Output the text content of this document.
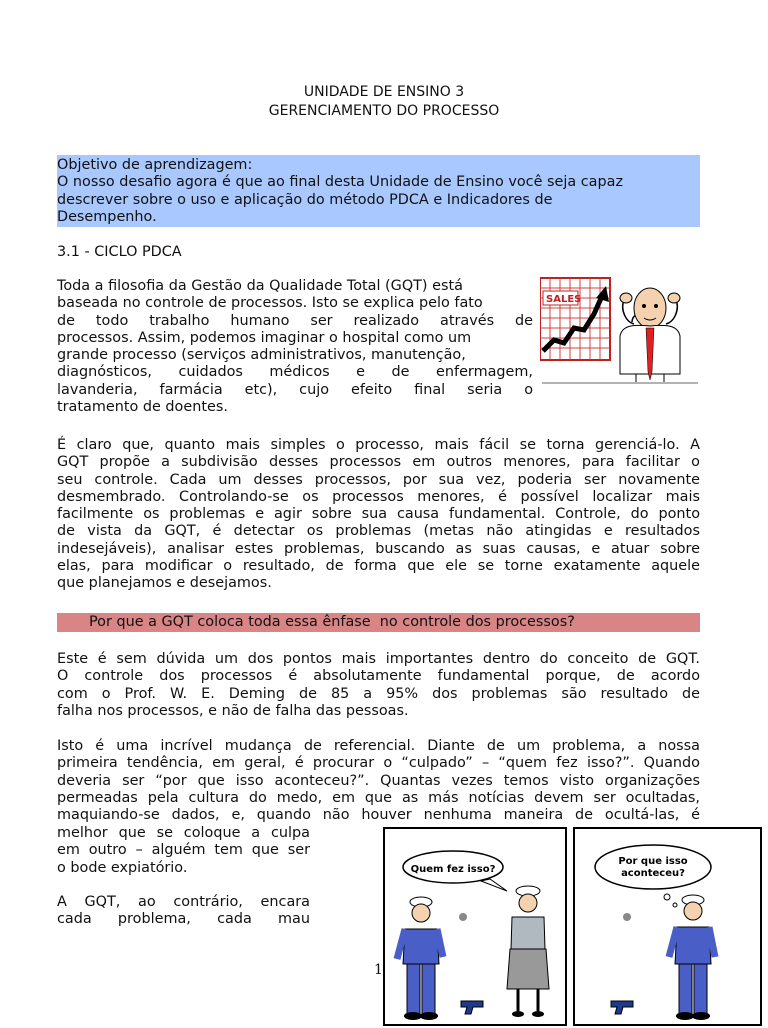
UNIDADE DE ENSINO 3
GERENCIAMENTO DO PROCESSO
Objetivo de aprendizagem:
O nosso desafio agora é que ao final desta Unidade de Ensino você seja capaz
descrever sobre o uso e aplicação do método PDCA e Indicadores de
Desempenho.
3.1 - CICLO PDCA
Toda a filosofia da Gestão da Qualidade Total (GQT) está
baseada no controle de processos. Isto se explica pelo fato
de todo trabalho humano ser realizado através de
processos. Assim, podemos imaginar o hospital como um
grande processo (serviços administrativos, manutenção,
diagnósticos, cuidados médicos e de enfermagem,
lavanderia, farmácia etc), cujo efeito final seria o
tratamento de doentes.
SALES
É claro que, quanto mais simples o processo, mais fácil se torna gerenciá-lo. A
GQT propõe a subdivisão desses processos em outros menores, para facilitar o
seu controle. Cada um desses processos, por sua vez, poderia ser novamente
desmembrado. Controlando-se os processos menores, é possível localizar mais
facilmente os problemas e agir sobre sua causa fundamental. Controle, do ponto
de vista da GQT, é detectar os problemas (metas não atingidas e resultados
indesejáveis), analisar estes problemas, buscando as suas causas, e atuar sobre
elas, para modificar o resultado, de forma que ele se torne exatamente aquele
que planejamos e desejamos.
Por que a GQT coloca toda essa ênfase  no controle dos processos?
Este é sem dúvida um dos pontos mais importantes dentro do conceito de GQT.
O controle dos processos é absolutamente fundamental porque, de acordo
com o Prof. W. E. Deming de 85 a 95% dos problemas são resultado de
falha nos processos, e não de falha das pessoas.
Isto é uma incrível mudança de referencial. Diante de um problema, a nossa
primeira tendência, em geral, é procurar o “culpado” – “quem fez isso?”. Quando
deveria ser “por que isso aconteceu?”. Quantas vezes temos visto organizações
permeadas pela cultura do medo, em que as más notícias devem ser ocultadas,
maquiando-se dados, e, quando não houver nenhuma maneira de ocultá-las, é
melhor que se coloque a culpa
em outro – alguém tem que ser
o bode expiatório.
A GQT, ao contrário, encara
cada problema, cada mau
1
Quem fez isso?
Por que isso
aconteceu?
